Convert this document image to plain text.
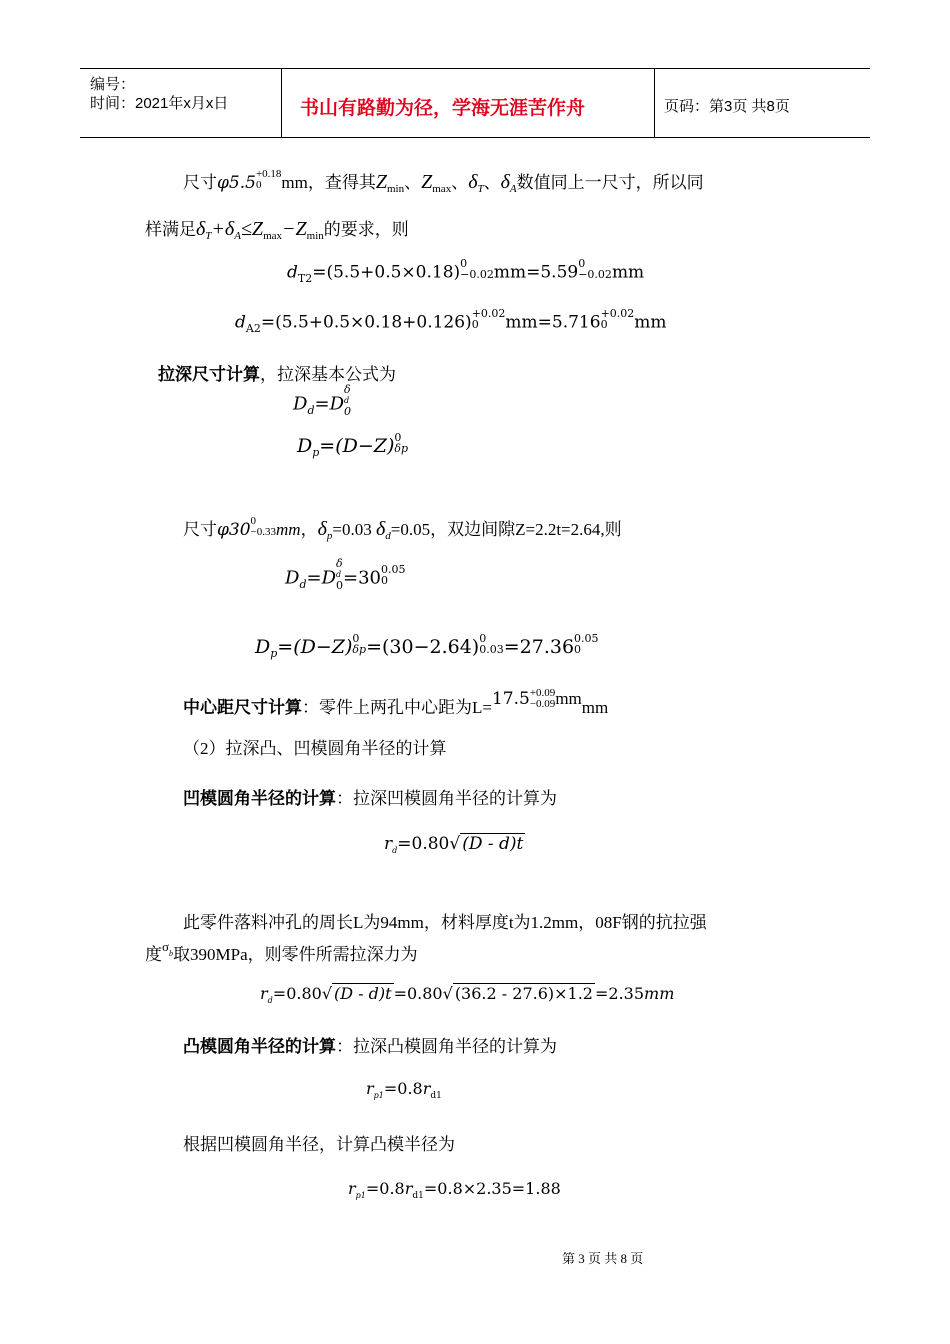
编号：
时间：2021年x月x日	书山有路勤为径，学海无涯苦作舟	页码：第3页 共8页
尺寸φ5.5 +0.18
0	mm，查得其$Z_{min}$、$Z_{max}$、$\delta_T$、$\delta_A$数值同上一尺寸，所以同
样满足$\delta_T+\delta_A\le Z_{max}-Z_{min}$的要求，则
$d_{T2}=(5.5+0.5\times 0.18)$ 0
−0.02 mm=5.59 0
−0.02 mm
$d_{A2}=(5.5+0.5\times 0.18+0.126) +0.02$
0	mm=5.716 +0.02
0	mm
拉深尺寸计算，拉深基本公式为
$D_d=D$
δ
d
0
$D_p=(D-Z)$ 0
δp
尺寸φ30 0
−0.33 mm，$\delta_p=0.03$ $\delta_d=0.05$，双边间隙Z=2.2t=2.64,则
$D_d=D$
δ
d
0 =30 0.05
0
$D_p=(D-Z)$ 0
δp =(30−2.64) 0
0.03 =27.36 0.05
0
中心距尺寸计算：零件上两孔中心距为L=17.5 +0.09
−0.09 mmmm
（2）拉深凸、凹模圆角半径的计算
凹模圆角半径的计算：拉深凹模圆角半径的计算为
$r_d=0.80√$ (D - d)t
此零件落料冲孔的周长L为94mm，材料厚度t为1.2mm，08F钢的抗拉强
度$^{\sigma b}$取390MPa，则零件所需拉深力为
$r_d=0.80√$ (D - d)t =0.80√ (36.2 - 27.6)×1.2 =2.35mm
凸模圆角半径的计算：拉深凸模圆角半径的计算为
$r_{p1}=0.8r_{d1}$
根据凹模圆角半径，计算凸模半径为
$r_{p1}=0.8r_{d1}=0.8\times 2.35=1.88$
第 3 页 共 8 页
